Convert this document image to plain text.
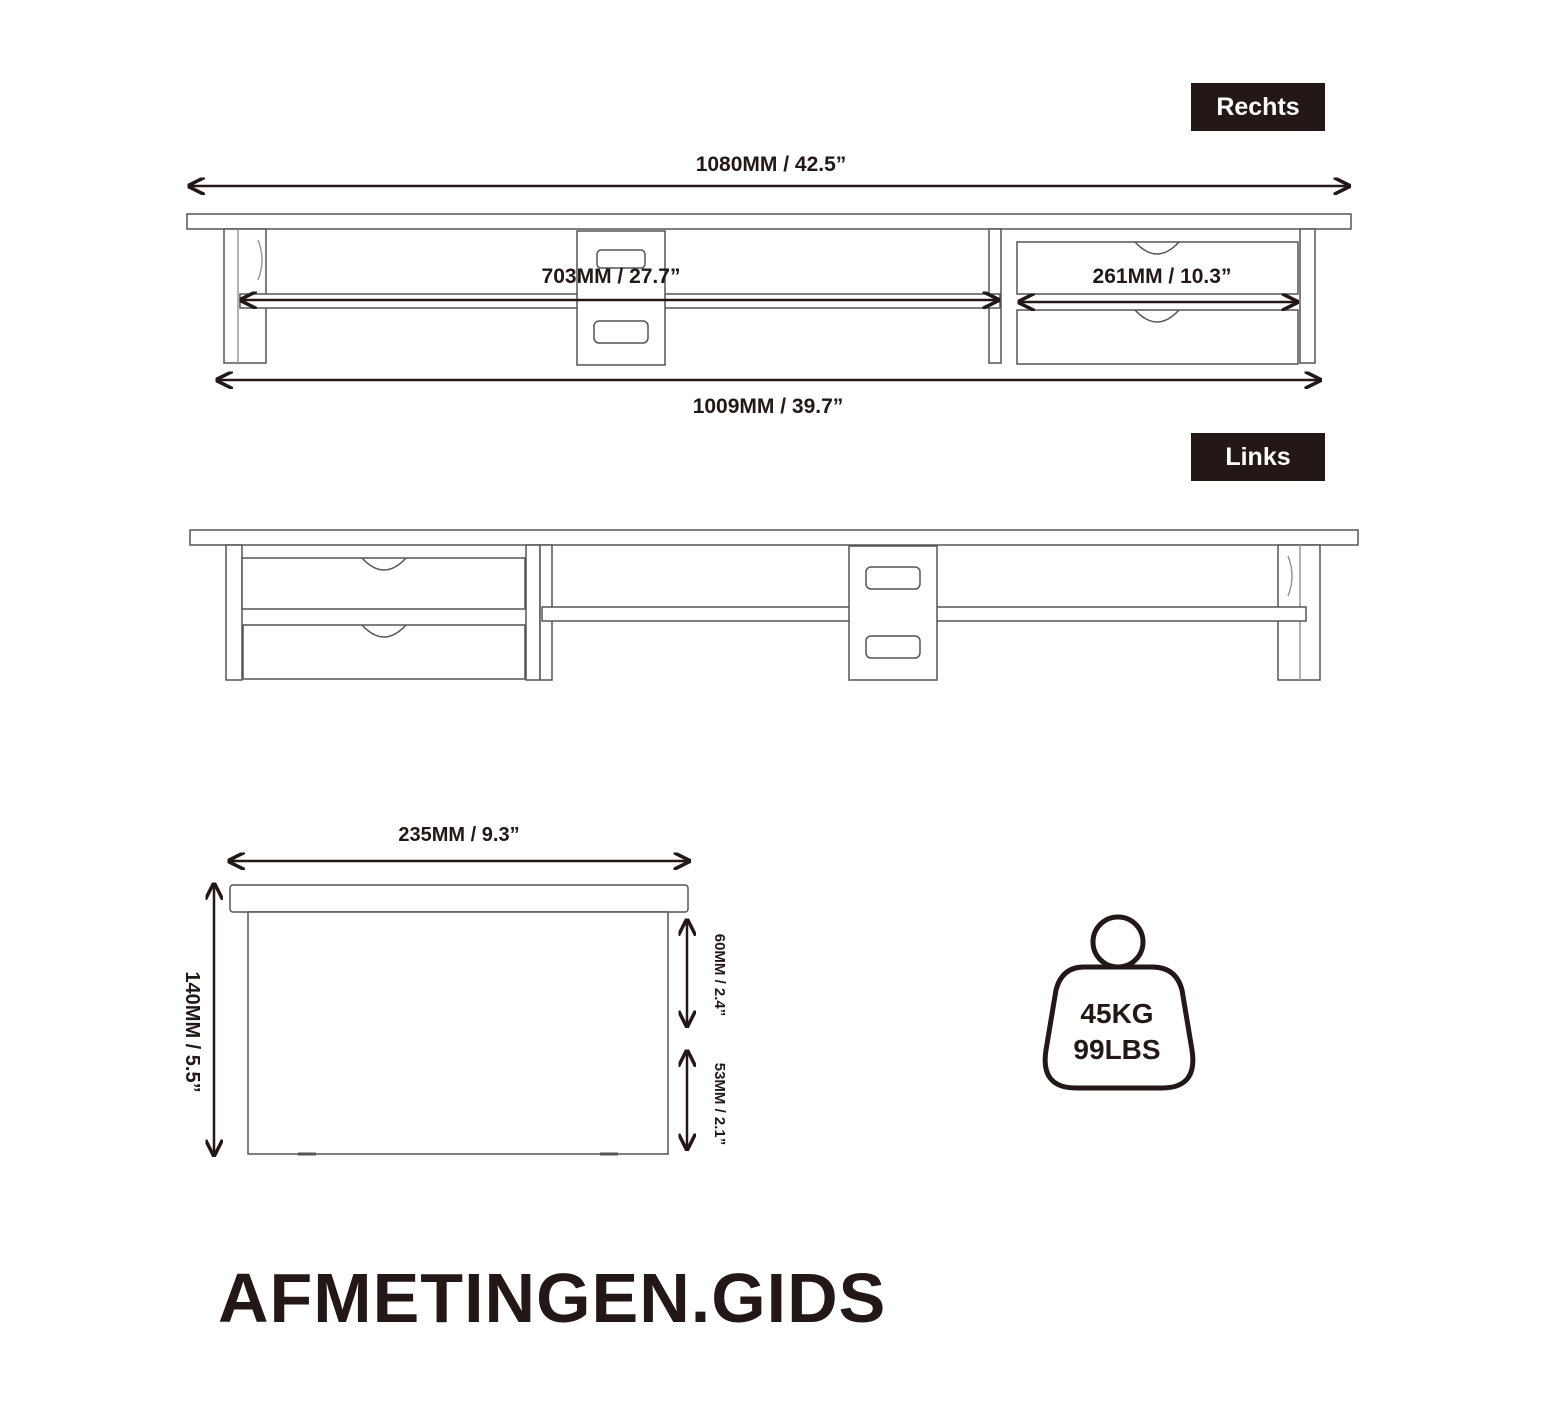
Rechts
Links
1080MM / 42.5”
703MM / 27.7”	261MM / 10.3”
1009MM / 39.7”
235MM / 9.3”
140MM / 5.5”	60MM / 2.4”
53MM / 2.1”
45KG
99LBS
AFMETINGEN.GIDS
